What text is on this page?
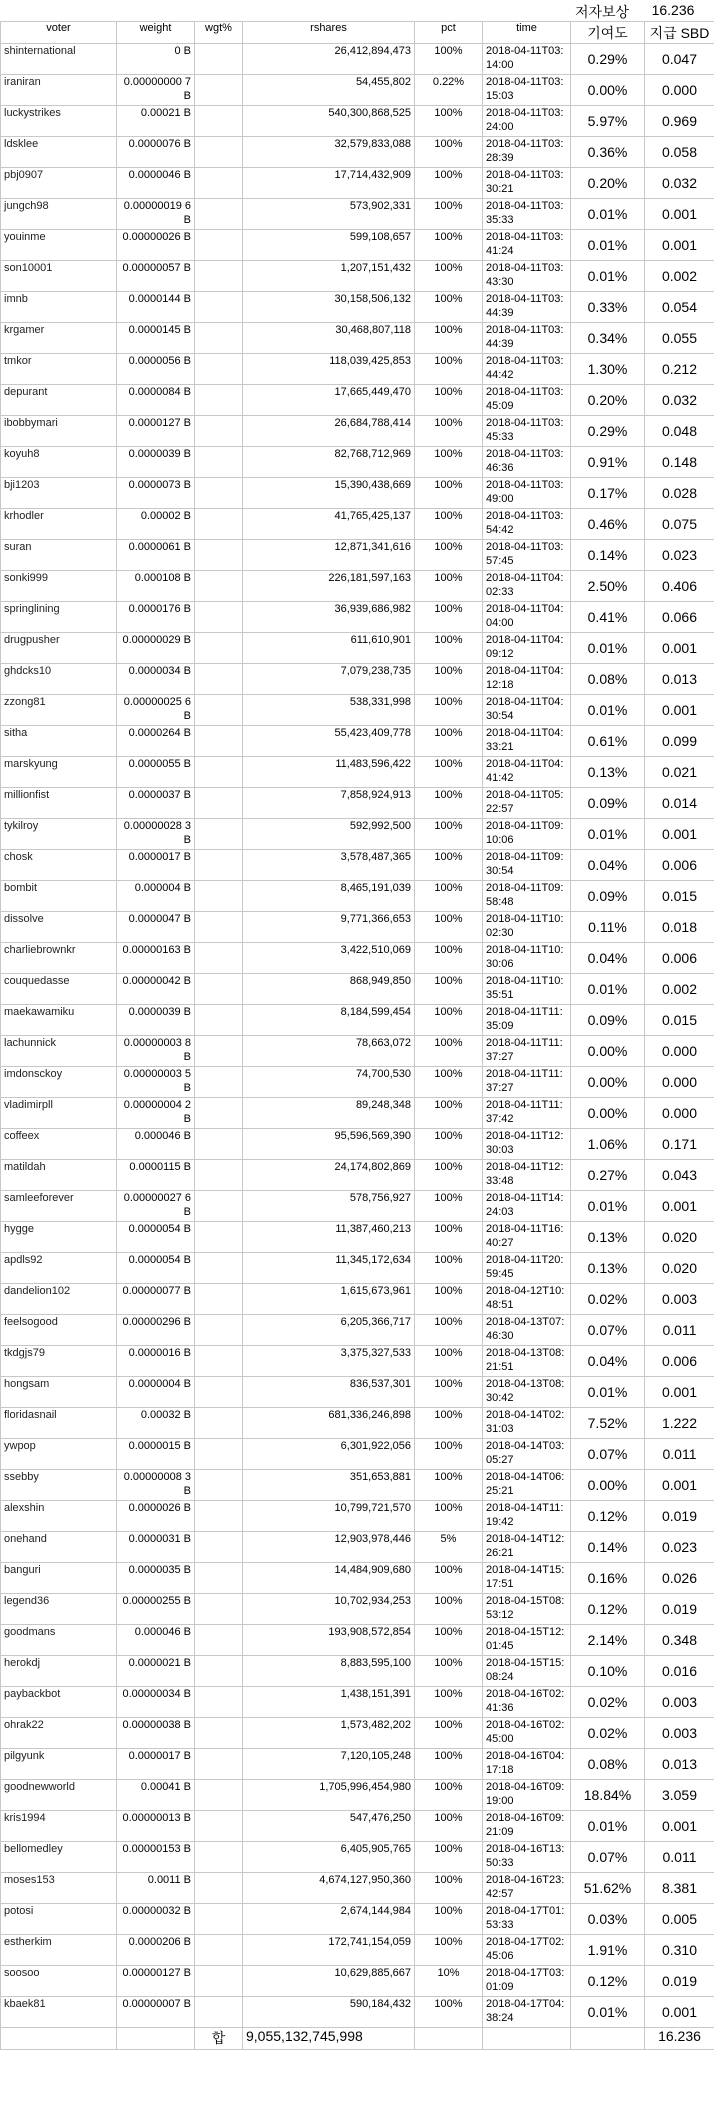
저자보상	16.236
voter	weight	wgt%	rshares	pct	time	기여도	지급 SBD
shinternational	0 B		26,412,894,473	100%	2018-04-11T03:14:00	0.29%	0.047
iraniran	0.00000000 7 B		54,455,802	0.22%	2018-04-11T03:15:03	0.00%	0.000
luckystrikes	0.00021 B		540,300,868,525	100%	2018-04-11T03:24:00	5.97%	0.969
ldsklee	0.0000076 B		32,579,833,088	100%	2018-04-11T03:28:39	0.36%	0.058
pbj0907	0.0000046 B		17,714,432,909	100%	2018-04-11T03:30:21	0.20%	0.032
jungch98	0.00000019 6 B		573,902,331	100%	2018-04-11T03:35:33	0.01%	0.001
youinme	0.00000026 B		599,108,657	100%	2018-04-11T03:41:24	0.01%	0.001
son10001	0.00000057 B		1,207,151,432	100%	2018-04-11T03:43:30	0.01%	0.002
imnb	0.0000144 B		30,158,506,132	100%	2018-04-11T03:44:39	0.33%	0.054
krgamer	0.0000145 B		30,468,807,118	100%	2018-04-11T03:44:39	0.34%	0.055
tmkor	0.0000056 B		118,039,425,853	100%	2018-04-11T03:44:42	1.30%	0.212
depurant	0.0000084 B		17,665,449,470	100%	2018-04-11T03:45:09	0.20%	0.032
ibobbymari	0.0000127 B		26,684,788,414	100%	2018-04-11T03:45:33	0.29%	0.048
koyuh8	0.0000039 B		82,768,712,969	100%	2018-04-11T03:46:36	0.91%	0.148
bji1203	0.0000073 B		15,390,438,669	100%	2018-04-11T03:49:00	0.17%	0.028
krhodler	0.00002 B		41,765,425,137	100%	2018-04-11T03:54:42	0.46%	0.075
suran	0.0000061 B		12,871,341,616	100%	2018-04-11T03:57:45	0.14%	0.023
sonki999	0.000108 B		226,181,597,163	100%	2018-04-11T04:02:33	2.50%	0.406
springlining	0.0000176 B		36,939,686,982	100%	2018-04-11T04:04:00	0.41%	0.066
drugpusher	0.00000029 B		611,610,901	100%	2018-04-11T04:09:12	0.01%	0.001
ghdcks10	0.0000034 B		7,079,238,735	100%	2018-04-11T04:12:18	0.08%	0.013
zzong81	0.00000025 6 B		538,331,998	100%	2018-04-11T04:30:54	0.01%	0.001
sitha	0.0000264 B		55,423,409,778	100%	2018-04-11T04:33:21	0.61%	0.099
marskyung	0.0000055 B		11,483,596,422	100%	2018-04-11T04:41:42	0.13%	0.021
millionfist	0.0000037 B		7,858,924,913	100%	2018-04-11T05:22:57	0.09%	0.014
tykilroy	0.00000028 3 B		592,992,500	100%	2018-04-11T09:10:06	0.01%	0.001
chosk	0.0000017 B		3,578,487,365	100%	2018-04-11T09:30:54	0.04%	0.006
bombit	0.000004 B		8,465,191,039	100%	2018-04-11T09:58:48	0.09%	0.015
dissolve	0.0000047 B		9,771,366,653	100%	2018-04-11T10:02:30	0.11%	0.018
charliebrownkr	0.00000163 B		3,422,510,069	100%	2018-04-11T10:30:06	0.04%	0.006
couquedasse	0.00000042 B		868,949,850	100%	2018-04-11T10:35:51	0.01%	0.002
maekawamiku	0.0000039 B		8,184,599,454	100%	2018-04-11T11:35:09	0.09%	0.015
lachunnick	0.00000003 8 B		78,663,072	100%	2018-04-11T11:37:27	0.00%	0.000
imdonsckoy	0.00000003 5 B		74,700,530	100%	2018-04-11T11:37:27	0.00%	0.000
vladimirpll	0.00000004 2 B		89,248,348	100%	2018-04-11T11:37:42	0.00%	0.000
coffeex	0.000046 B		95,596,569,390	100%	2018-04-11T12:30:03	1.06%	0.171
matildah	0.0000115 B		24,174,802,869	100%	2018-04-11T12:33:48	0.27%	0.043
samleeforever	0.00000027 6 B		578,756,927	100%	2018-04-11T14:24:03	0.01%	0.001
hygge	0.0000054 B		11,387,460,213	100%	2018-04-11T16:40:27	0.13%	0.020
apdls92	0.0000054 B		11,345,172,634	100%	2018-04-11T20:59:45	0.13%	0.020
dandelion102	0.00000077 B		1,615,673,961	100%	2018-04-12T10:48:51	0.02%	0.003
feelsogood	0.00000296 B		6,205,366,717	100%	2018-04-13T07:46:30	0.07%	0.011
tkdgjs79	0.0000016 B		3,375,327,533	100%	2018-04-13T08:21:51	0.04%	0.006
hongsam	0.0000004 B		836,537,301	100%	2018-04-13T08:30:42	0.01%	0.001
floridasnail	0.00032 B		681,336,246,898	100%	2018-04-14T02:31:03	7.52%	1.222
ywpop	0.0000015 B		6,301,922,056	100%	2018-04-14T03:05:27	0.07%	0.011
ssebby	0.00000008 3 B		351,653,881	100%	2018-04-14T06:25:21	0.00%	0.001
alexshin	0.0000026 B		10,799,721,570	100%	2018-04-14T11:19:42	0.12%	0.019
onehand	0.0000031 B		12,903,978,446	5%	2018-04-14T12:26:21	0.14%	0.023
banguri	0.0000035 B		14,484,909,680	100%	2018-04-14T15:17:51	0.16%	0.026
legend36	0.00000255 B		10,702,934,253	100%	2018-04-15T08:53:12	0.12%	0.019
goodmans	0.000046 B		193,908,572,854	100%	2018-04-15T12:01:45	2.14%	0.348
herokdj	0.0000021 B		8,883,595,100	100%	2018-04-15T15:08:24	0.10%	0.016
paybackbot	0.00000034 B		1,438,151,391	100%	2018-04-16T02:41:36	0.02%	0.003
ohrak22	0.00000038 B		1,573,482,202	100%	2018-04-16T02:45:00	0.02%	0.003
pilgyunk	0.0000017 B		7,120,105,248	100%	2018-04-16T04:17:18	0.08%	0.013
goodnewworld	0.00041 B		1,705,996,454,980	100%	2018-04-16T09:19:00	18.84%	3.059
kris1994	0.00000013 B		547,476,250	100%	2018-04-16T09:21:09	0.01%	0.001
bellomedley	0.00000153 B		6,405,905,765	100%	2018-04-16T13:50:33	0.07%	0.011
moses153	0.0011 B		4,674,127,950,360	100%	2018-04-16T23:42:57	51.62%	8.381
potosi	0.00000032 B		2,674,144,984	100%	2018-04-17T01:53:33	0.03%	0.005
estherkim	0.0000206 B		172,741,154,059	100%	2018-04-17T02:45:06	1.91%	0.310
soosoo	0.00000127 B		10,629,885,667	10%	2018-04-17T03:01:09	0.12%	0.019
kbaek81	0.00000007 B		590,184,432	100%	2018-04-17T04:38:24	0.01%	0.001
		합	9,055,132,745,998				16.236
